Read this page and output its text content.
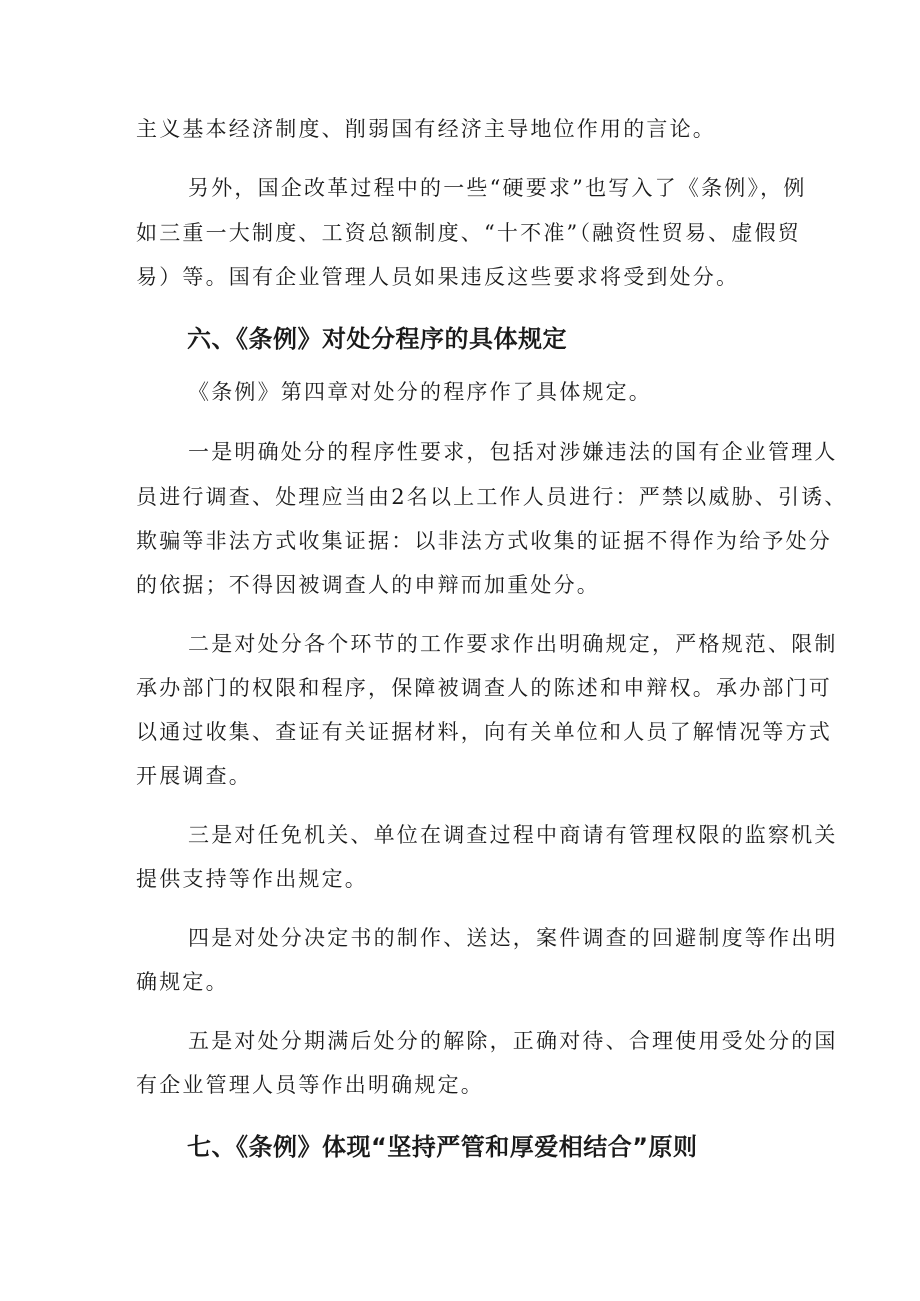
主义基本经济制度、削弱国有经济主导地位作用的言论。
另外，国企改革过程中的一些“硬要求”也写入了《条例》，例
如三重一大制度、工资总额制度、“十不准”（融资性贸易、虚假贸
易）等。国有企业管理人员如果违反这些要求将受到处分。
六、《条例》对处分程序的具体规定
《条例》第四章对处分的程序作了具体规定。
一是明确处分的程序性要求，包括对涉嫌违法的国有企业管理人
员进行调查、处理应当由2名以上工作人员进行：严禁以威胁、引诱、
欺骗等非法方式收集证据：以非法方式收集的证据不得作为给予处分
的依据；不得因被调查人的申辩而加重处分。
二是对处分各个环节的工作要求作出明确规定，严格规范、限制
承办部门的权限和程序，保障被调查人的陈述和申辩权。承办部门可
以通过收集、查证有关证据材料，向有关单位和人员了解情况等方式
开展调查。
三是对任免机关、单位在调查过程中商请有管理权限的监察机关
提供支持等作出规定。
四是对处分决定书的制作、送达，案件调查的回避制度等作出明
确规定。
五是对处分期满后处分的解除，正确对待、合理使用受处分的国
有企业管理人员等作出明确规定。
七、《条例》体现“坚持严管和厚爱相结合”原则
